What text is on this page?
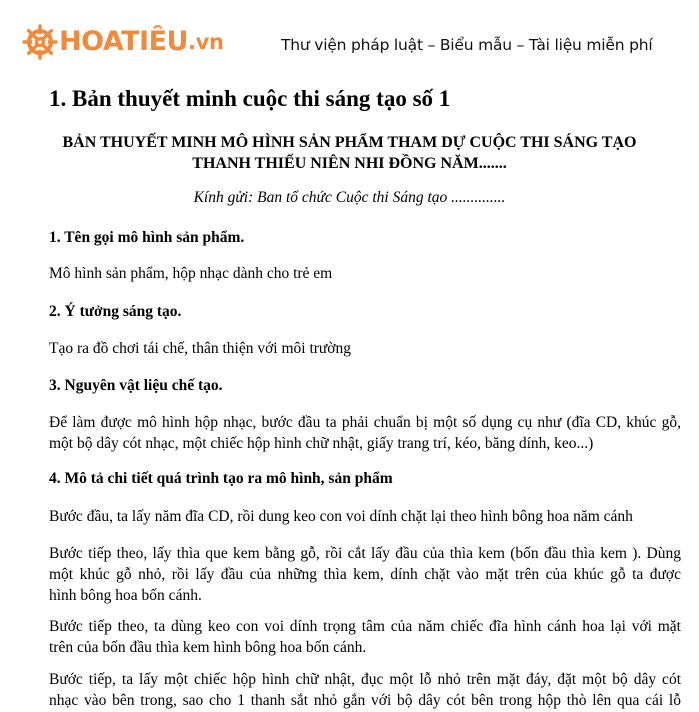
HOATIÊU .vn	Thư viện pháp luật – Biểu mẫu – Tài liệu miễn phí
1. Bản thuyết minh cuộc thi sáng tạo số 1
BẢN THUYẾT MINH MÔ HÌNH SẢN PHẨM THAM DỰ CUỘC THI SÁNG TẠO
THANH THIẾU NIÊN NHI ĐỒNG NĂM.......
Kính gửi: Ban tổ chức Cuộc thi Sáng tạo ..............
1. Tên gọi mô hình sản phẩm.
Mô hình sản phẩm, hộp nhạc dành cho trẻ em
2. Ý tưởng sáng tạo.
Tạo ra đồ chơi tái chế, thân thiện với môi trường
3. Nguyên vật liệu chế tạo.
Để làm được mô hình hộp nhạc, bước đầu ta phải chuẩn bị một số dụng cụ như (đĩa CD, khúc gỗ,
một bộ dây cót nhạc, một chiếc hộp hình chữ nhật, giấy trang trí, kéo, băng dính, keo...)
4. Mô tả chi tiết quá trình tạo ra mô hình, sản phẩm
Bước đầu, ta lấy năm đĩa CD, rồi dung keo con voi dính chặt lại theo hình bông hoa năm cánh
Bước tiếp theo, lấy thìa que kem bằng gỗ, rồi cắt lấy đầu của thìa kem (bốn đầu thìa kem ). Dùng
một khúc gỗ nhỏ, rồi lấy đầu của những thìa kem, dính chặt vào mặt trên của khúc gỗ ta được
hình bông hoa bốn cánh.
Bước tiếp theo, ta dùng keo con voi dính trọng tâm của năm chiếc đĩa hình cánh hoa lại với mặt
trên của bốn đầu thìa kem hình bông hoa bốn cánh.
Bước tiếp, ta lấy một chiếc hộp hình chữ nhật, đục một lỗ nhỏ trên mặt đáy, đặt một bộ dây cót
nhạc vào bên trong, sao cho 1 thanh sắt nhỏ gắn với bộ dây cót bên trong hộp thò lên qua cái lỗ
